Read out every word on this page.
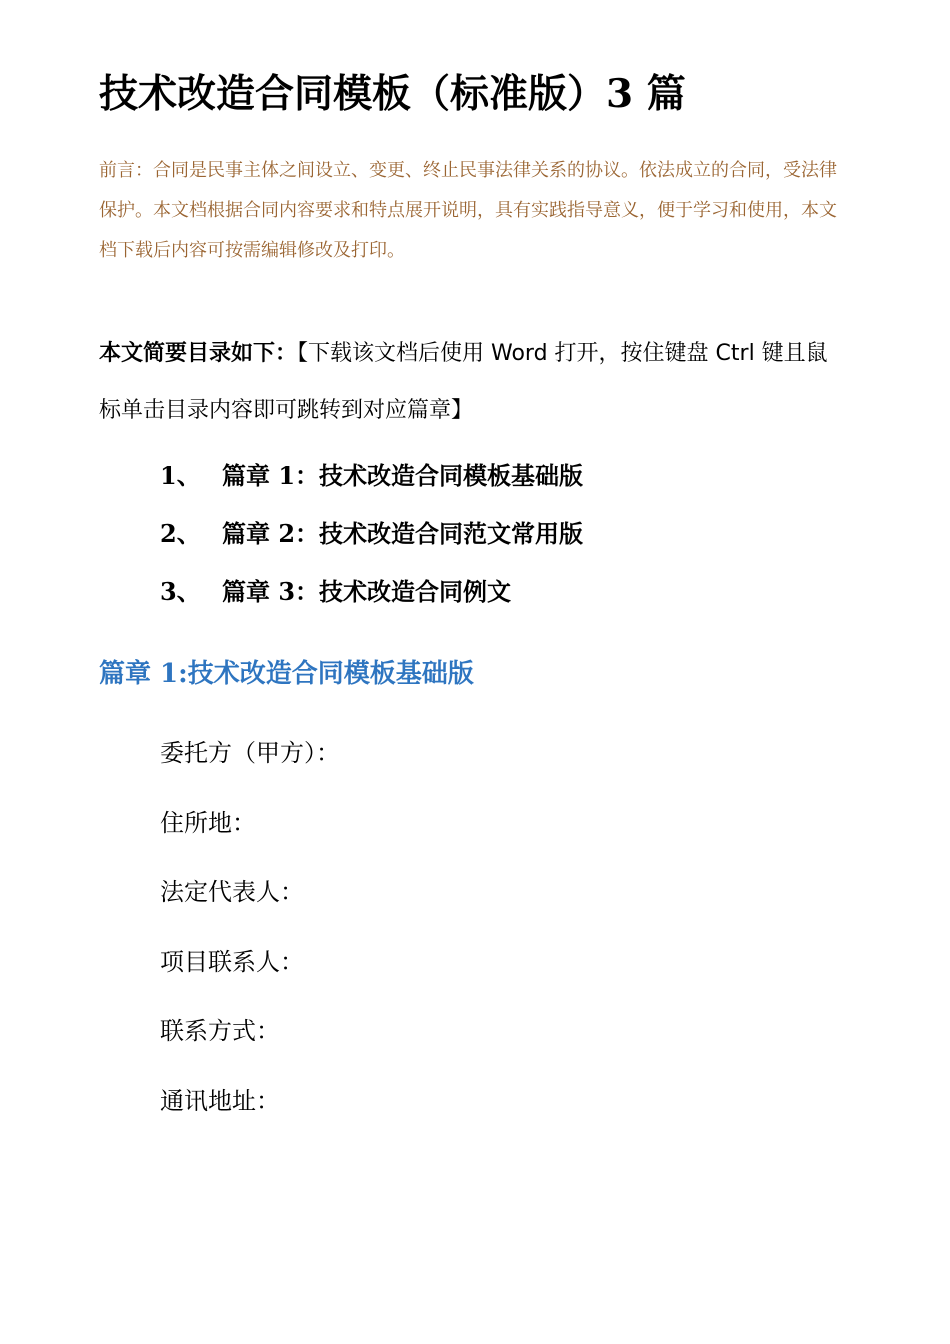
技术改造合同模板（标准版）3 篇
前言：合同是民事主体之间设立、变更、终止民事法律关系的协议。依法成立的合同，受法律保护。本文档根据合同内容要求和特点展开说明，具有实践指导意义，便于学习和使用，本文档下载后内容可按需编辑修改及打印。
本文简要目录如下：【下载该文档后使用 Word 打开，按住键盘 Ctrl 键且鼠标单击目录内容即可跳转到对应篇章】
1、 篇章 1：技术改造合同模板基础版
2、 篇章 2：技术改造合同范文常用版
3、 篇章 3：技术改造合同例文
篇章 1:技术改造合同模板基础版
委托方（甲方）：
住所地：
法定代表人：
项目联系人：
联系方式：
通讯地址：
